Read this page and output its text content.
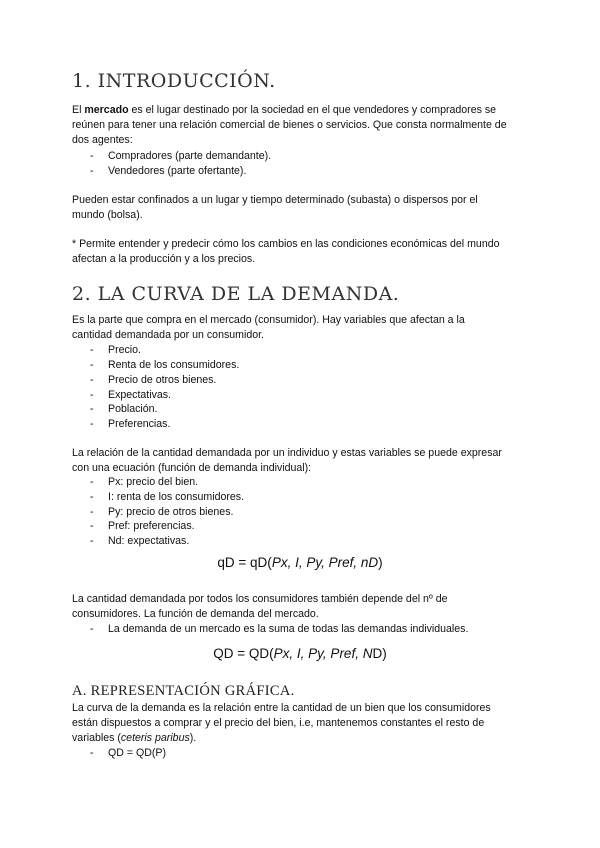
1. INTRODUCCIÓN.
El mercado es el lugar destinado por la sociedad en el que vendedores y compradores se
reúnen para tener una relación comercial de bienes o servicios. Que consta normalmente de
dos agentes:
- Compradores (parte demandante).
- Vendedores (parte ofertante).
Pueden estar confinados a un lugar y tiempo determinado (subasta) o dispersos por el
mundo (bolsa).
* Permite entender y predecir cómo los cambios en las condiciones económicas del mundo
afectan a la producción y a los precios.
2. LA CURVA DE LA DEMANDA.
Es la parte que compra en el mercado (consumidor). Hay variables que afectan a la
cantidad demandada por un consumidor.
- Precio.
- Renta de los consumidores.
- Precio de otros bienes.
- Expectativas.
- Población.
- Preferencias.
La relación de la cantidad demandada por un individuo y estas variables se puede expresar
con una ecuación (función de demanda individual):
- Px: precio del bien.
- I: renta de los consumidores.
- Py: precio de otros bienes.
- Pref: preferencias.
- Nd: expectativas.
qD = qD(Px, I, Py, Pref, nD)
La cantidad demandada por todos los consumidores también depende del nº de
consumidores. La función de demanda del mercado.
- La demanda de un mercado es la suma de todas las demandas individuales.
QD = QD(Px, I, Py, Pref, ND)
A. REPRESENTACIÓN GRÁFICA.
La curva de la demanda es la relación entre la cantidad de un bien que los consumidores
están dispuestos a comprar y el precio del bien, i.e, mantenemos constantes el resto de
variables (ceteris paribus).
- QD = QD(P)
